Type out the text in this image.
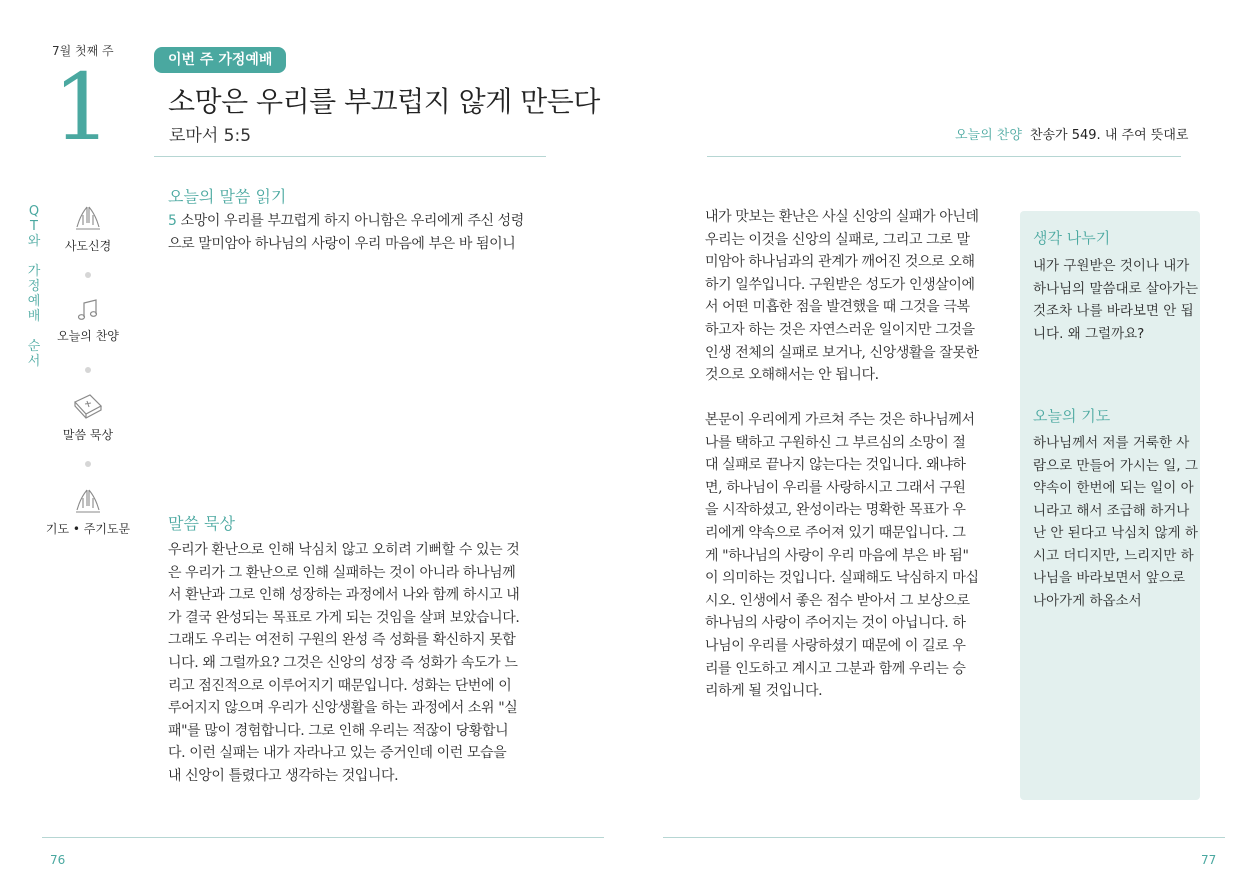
7월 첫째 주
1	이번 주 가정예배
소망은 우리를 부끄럽지 않게 만든다
로마서 5:5	오늘의 찬양 찬송가 549. 내 주여 뜻대로
Q
T
와
가
정
예
배
순
서
사도신경
오늘의 찬양
말씀 묵상
기도 • 주기도문
오늘의 말씀 읽기
5 소망이 우리를 부끄럽게 하지 아니함은 우리에게 주신 성령
으로 말미암아 하나님의 사랑이 우리 마음에 부은 바 됨이니
말씀 묵상
우리가 환난으로 인해 낙심치 않고 오히려 기뻐할 수 있는 것
은 우리가 그 환난으로 인해 실패하는 것이 아니라 하나님께
서 환난과 그로 인해 성장하는 과정에서 나와 함께 하시고 내
가 결국 완성되는 목표로 가게 되는 것임을 살펴 보았습니다.
그래도 우리는 여전히 구원의 완성 즉 성화를 확신하지 못합
니다. 왜 그럴까요? 그것은 신앙의 성장 즉 성화가 속도가 느
리고 점진적으로 이루어지기 때문입니다. 성화는 단번에 이
루어지지 않으며 우리가 신앙생활을 하는 과정에서 소위 "실
패"를 많이 경험합니다. 그로 인해 우리는 적잖이 당황합니
다. 이런 실패는 내가 자라나고 있는 증거인데 이런 모습을
내 신앙이 틀렸다고 생각하는 것입니다.
내가 맛보는 환난은 사실 신앙의 실패가 아닌데
우리는 이것을 신앙의 실패로, 그리고 그로 말
미암아 하나님과의 관계가 깨어진 것으로 오해
하기 일쑤입니다. 구원받은 성도가 인생살이에
서 어떤 미흡한 점을 발견했을 때 그것을 극복
하고자 하는 것은 자연스러운 일이지만 그것을
인생 전체의 실패로 보거나, 신앙생활을 잘못한
것으로 오해해서는 안 됩니다.
본문이 우리에게 가르쳐 주는 것은 하나님께서
나를 택하고 구원하신 그 부르심의 소망이 절
대 실패로 끝나지 않는다는 것입니다. 왜냐하
면, 하나님이 우리를 사랑하시고 그래서 구원
을 시작하셨고, 완성이라는 명확한 목표가 우
리에게 약속으로 주어져 있기 때문입니다. 그
게 "하나님의 사랑이 우리 마음에 부은 바 됨"
이 의미하는 것입니다. 실패해도 낙심하지 마십
시오. 인생에서 좋은 점수 받아서 그 보상으로
하나님의 사랑이 주어지는 것이 아닙니다. 하
나님이 우리를 사랑하셨기 때문에 이 길로 우
리를 인도하고 계시고 그분과 함께 우리는 승
리하게 될 것입니다.
생각 나누기
내가 구원받은 것이나 내가
하나님의 말씀대로 살아가는
것조차 나를 바라보면 안 됩
니다. 왜 그럴까요?
오늘의 기도
하나님께서 저를 거룩한 사
람으로 만들어 가시는 일, 그
약속이 한번에 되는 일이 아
니라고 해서 조급해 하거나
난 안 된다고 낙심치 않게 하
시고 더디지만, 느리지만 하
나님을 바라보면서 앞으로
나아가게 하옵소서
76	77
